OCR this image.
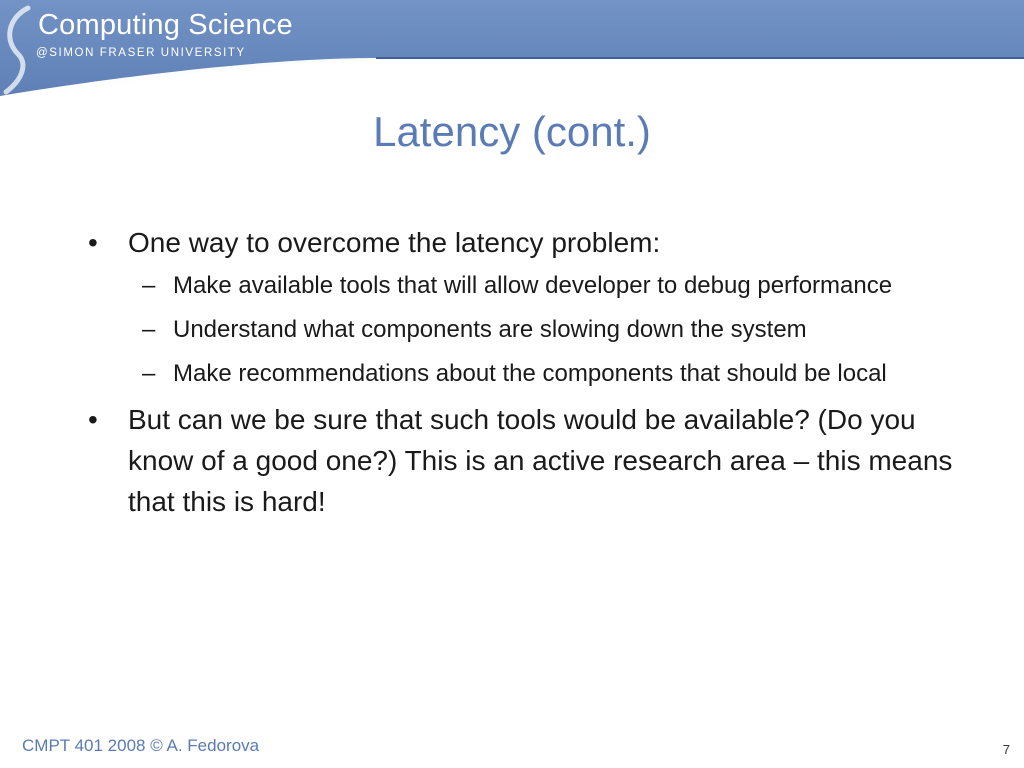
Computing Science
@SIMON FRASER UNIVERSITY
Latency (cont.)
• One way to overcome the latency problem:
– Make available tools that will allow developer to debug performance
– Understand what components are slowing down the system
– Make recommendations about the components that should be local
• But can we be sure that such tools would be available? (Do you know of a good one?) This is an active research area – this means that this is hard!
CMPT 401 2008 © A. Fedorova	7
